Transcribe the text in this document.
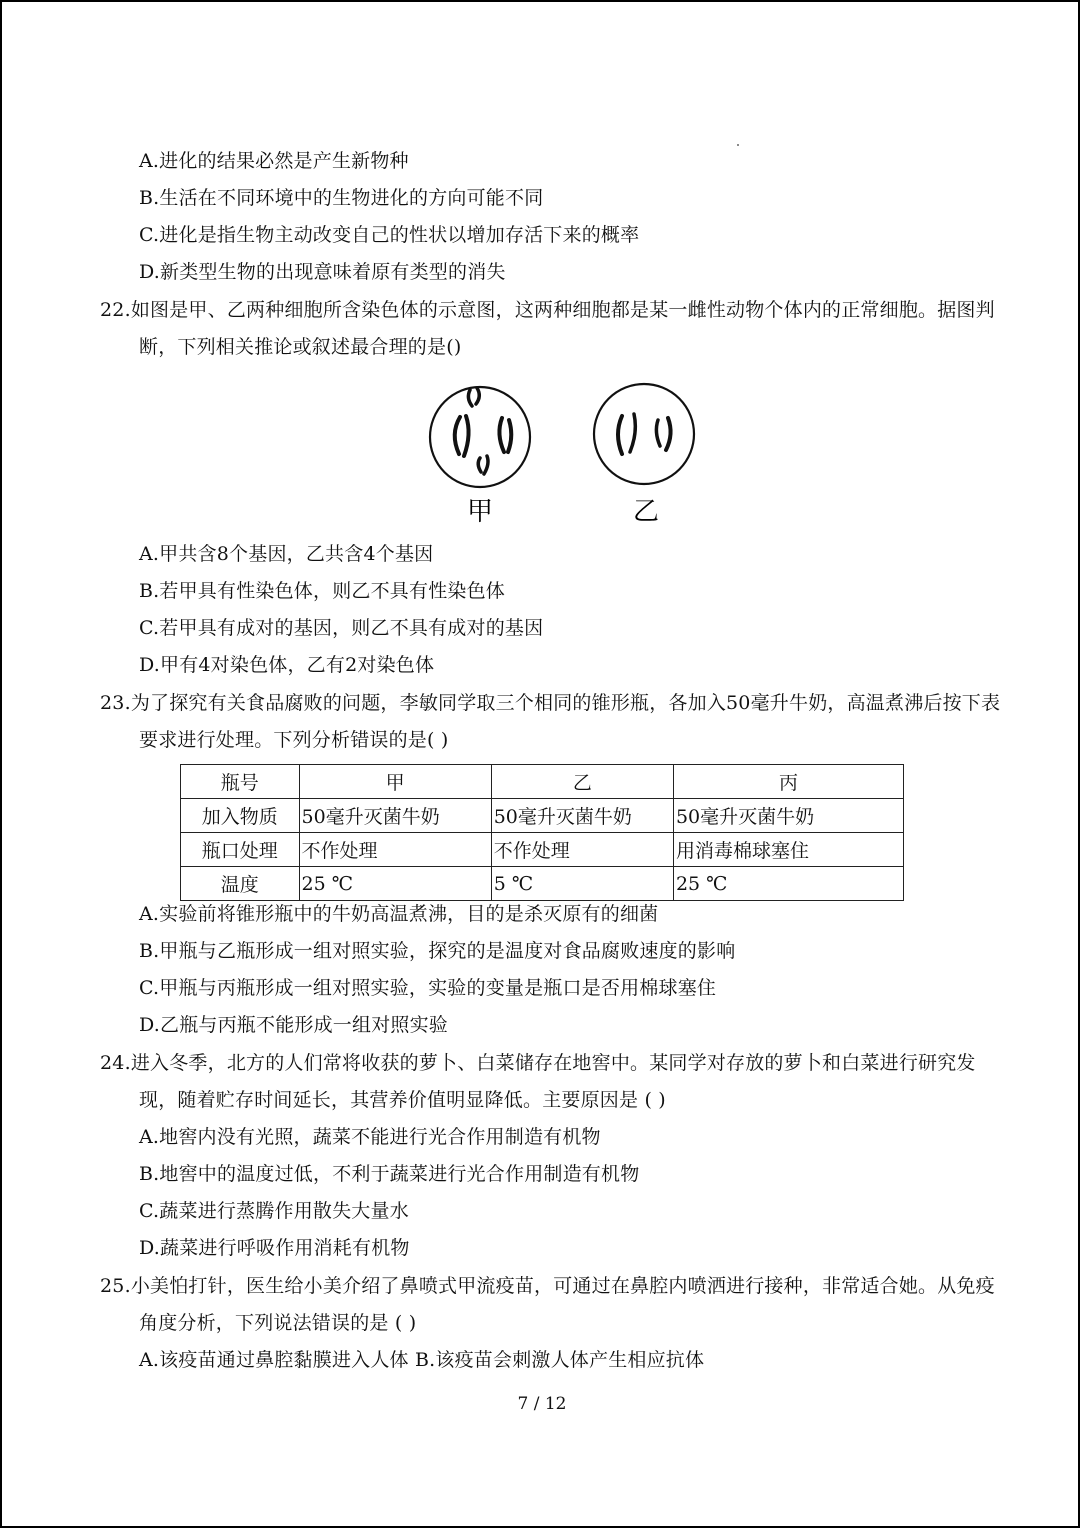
A.进化的结果必然是产生新物种
B.生活在不同环境中的生物进化的方向可能不同
C.进化是指生物主动改变自己的性状以增加存活下来的概率
D.新类型生物的出现意味着原有类型的消失
22.如图是甲、乙两种细胞所含染色体的示意图，这两种细胞都是某一雌性动物个体内的正常细胞。据图判
断，下列相关推论或叙述最合理的是()
甲	乙
A.甲共含8个基因，乙共含4个基因
B.若甲具有性染色体，则乙不具有性染色体
C.若甲具有成对的基因，则乙不具有成对的基因
D.甲有4对染色体，乙有2对染色体
23.为了探究有关食品腐败的问题，李敏同学取三个相同的锥形瓶，各加入50毫升牛奶，高温煮沸后按下表
要求进行处理。下列分析错误的是( )
瓶号	甲	乙	丙
加入物质	50毫升灭菌牛奶	50毫升灭菌牛奶	50毫升灭菌牛奶
瓶口处理	不作处理	不作处理	用消毒棉球塞住
温度	25 ℃	5 ℃	25 ℃
A.实验前将锥形瓶中的牛奶高温煮沸，目的是杀灭原有的细菌
B.甲瓶与乙瓶形成一组对照实验，探究的是温度对食品腐败速度的影响
C.甲瓶与丙瓶形成一组对照实验，实验的变量是瓶口是否用棉球塞住
D.乙瓶与丙瓶不能形成一组对照实验
24.进入冬季，北方的人们常将收获的萝卜、白菜储存在地窖中。某同学对存放的萝卜和白菜进行研究发
现，随着贮存时间延长，其营养价值明显降低。主要原因是 ( )
A.地窖内没有光照，蔬菜不能进行光合作用制造有机物
B.地窖中的温度过低，不利于蔬菜进行光合作用制造有机物
C.蔬菜进行蒸腾作用散失大量水
D.蔬菜进行呼吸作用消耗有机物
25.小美怕打针，医生给小美介绍了鼻喷式甲流疫苗，可通过在鼻腔内喷洒进行接种，非常适合她。从免疫
角度分析，下列说法错误的是 ( )
A.该疫苗通过鼻腔黏膜进入人体 B.该疫苗会刺激人体产生相应抗体
7 / 12
